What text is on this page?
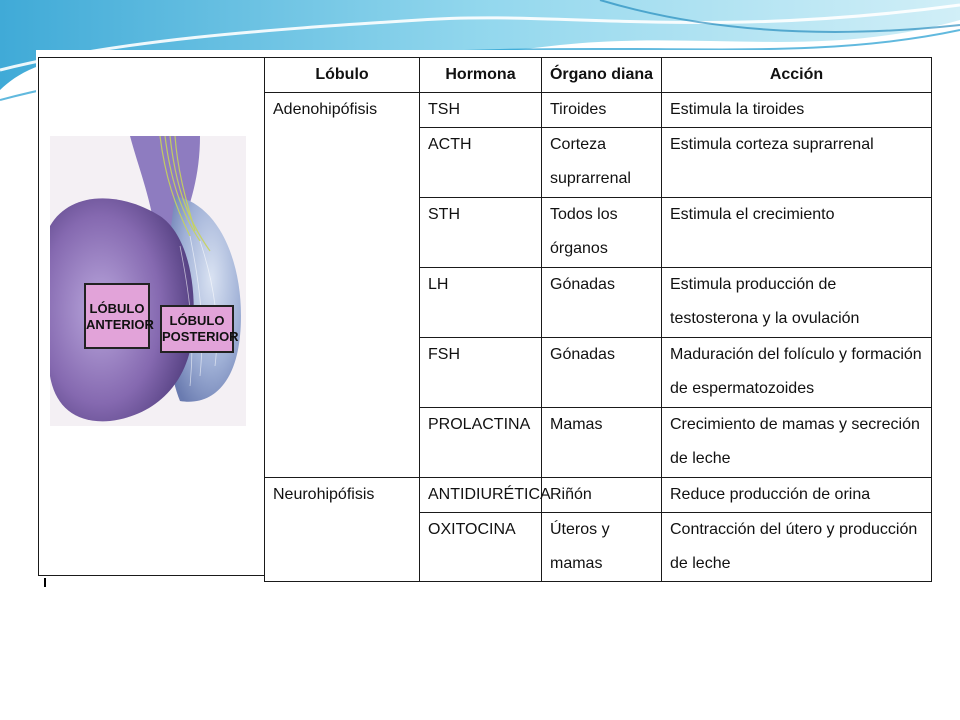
LÓBULO
ANTERIOR	LÓBULO
POSTERIOR
Lóbulo	Hormona	Órgano diana	Acción
Adenohipófisis	TSH	Tiroides	Estimula la tiroides
	ACTH	Corteza suprarrenal	Estimula corteza suprarrenal
	STH	Todos los órganos	Estimula el crecimiento
	LH	Gónadas	Estimula producción de testosterona y la ovulación
	FSH	Gónadas	Maduración del folículo y formación de espermatozoides
	PROLACTINA	Mamas	Crecimiento de mamas y secreción de leche
Neurohipófisis	ANTIDIURÉTICA	Riñón	Reduce producción de orina
	OXITOCINA	Úteros y mamas	Contracción del útero y producción de leche
